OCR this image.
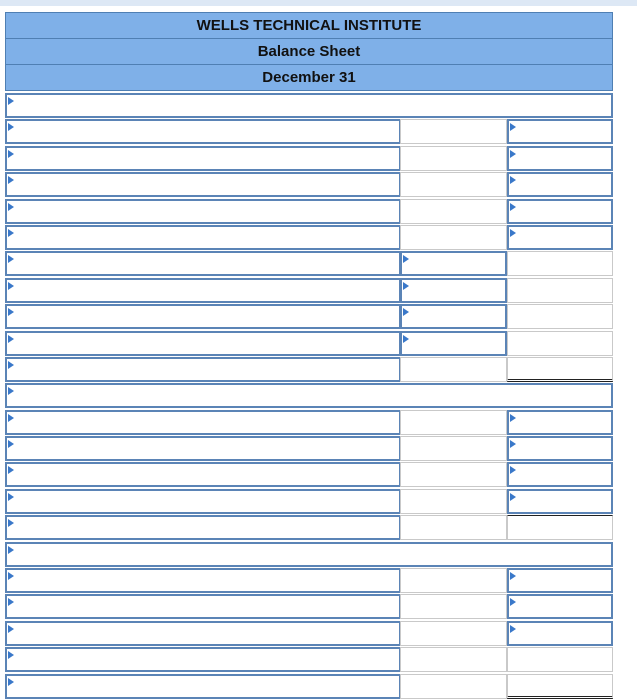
WELLS TECHNICAL INSTITUTE
Balance Sheet
December 31
